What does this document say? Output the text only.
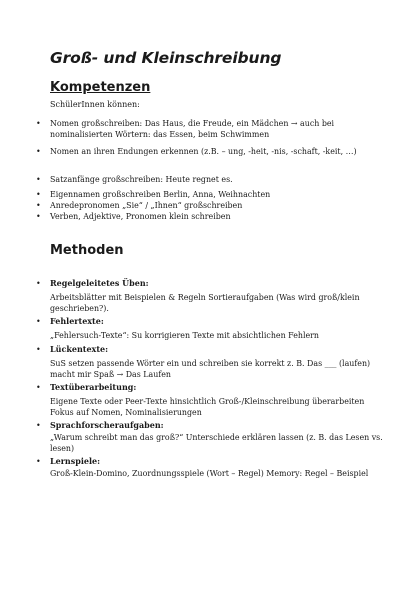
Groß- und Kleinschreibung
Kompetenzen
SchülerInnen können:
• Nomen großschreiben: Das Haus, die Freude, ein Mädchen → auch bei nominalisierten Wörtern: das Essen, beim Schwimmen
• Nomen an ihren Endungen erkennen (z.B. – ung, -heit, -nis, -schaft, -keit, …)
• Satzanfänge großschreiben: Heute regnet es.
• Eigennamen großschreiben Berlin, Anna, Weihnachten
• Anredepronomen „Sie“ / „Ihnen“ großschreiben
• Verben, Adjektive, Pronomen klein schreiben
Methoden
• Regelgeleitetes Üben:
Arbeitsblätter mit Beispielen & Regeln Sortieraufgaben (Was wird groß/klein geschrieben?).
• Fehlertexte:
„Fehlersuch-Texte“: Su korrigieren Texte mit absichtlichen Fehlern
• Lückentexte:
SuS setzen passende Wörter ein und schreiben sie korrekt z. B. Das ___ (laufen) macht mir Spaß → Das Laufen
• Textüberarbeitung:
Eigene Texte oder Peer-Texte hinsichtlich Groß-/Kleinschreibung überarbeiten Fokus auf Nomen, Nominalisierungen
• Sprachforscheraufgaben:
„Warum schreibt man das groß?“ Unterschiede erklären lassen (z. B. das Lesen vs. lesen)
• Lernspiele:
Groß-Klein-Domino, Zuordnungsspiele (Wort – Regel) Memory: Regel – Beispiel
